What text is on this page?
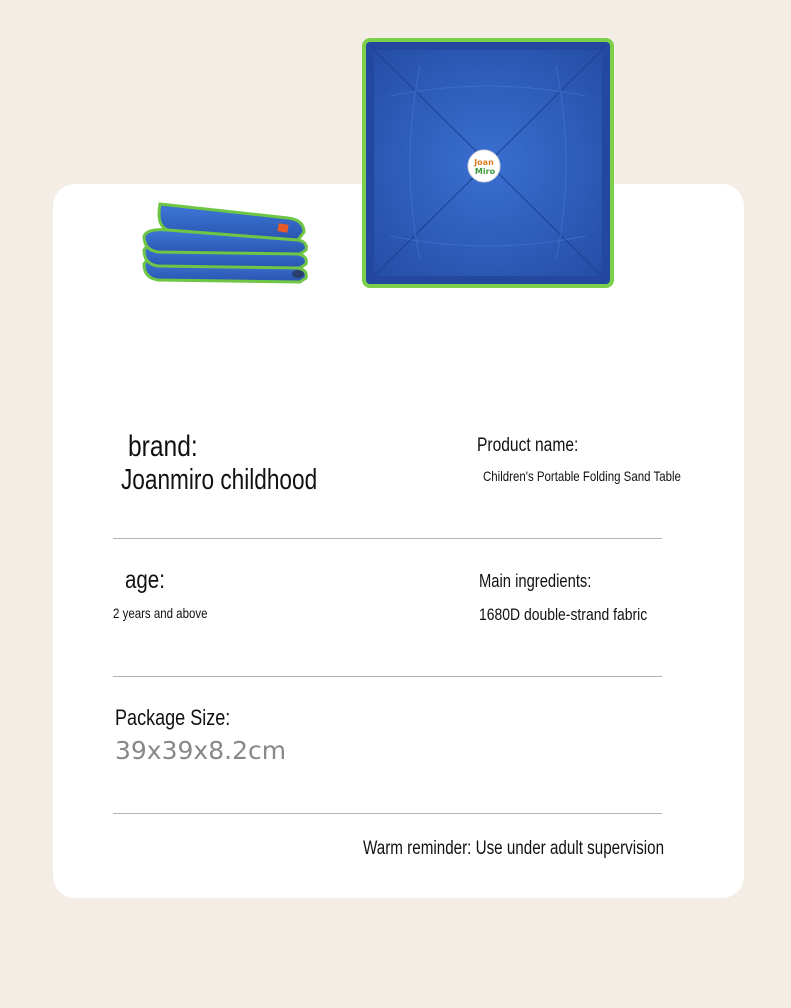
Joan
Miro
brand:
Joanmiro childhood
Product name:
Children's Portable Folding Sand Table
age:
2 years and above
Main ingredients:
1680D double-strand fabric
Package Size:
39x39x8.2cm
Warm reminder: Use under adult supervision
